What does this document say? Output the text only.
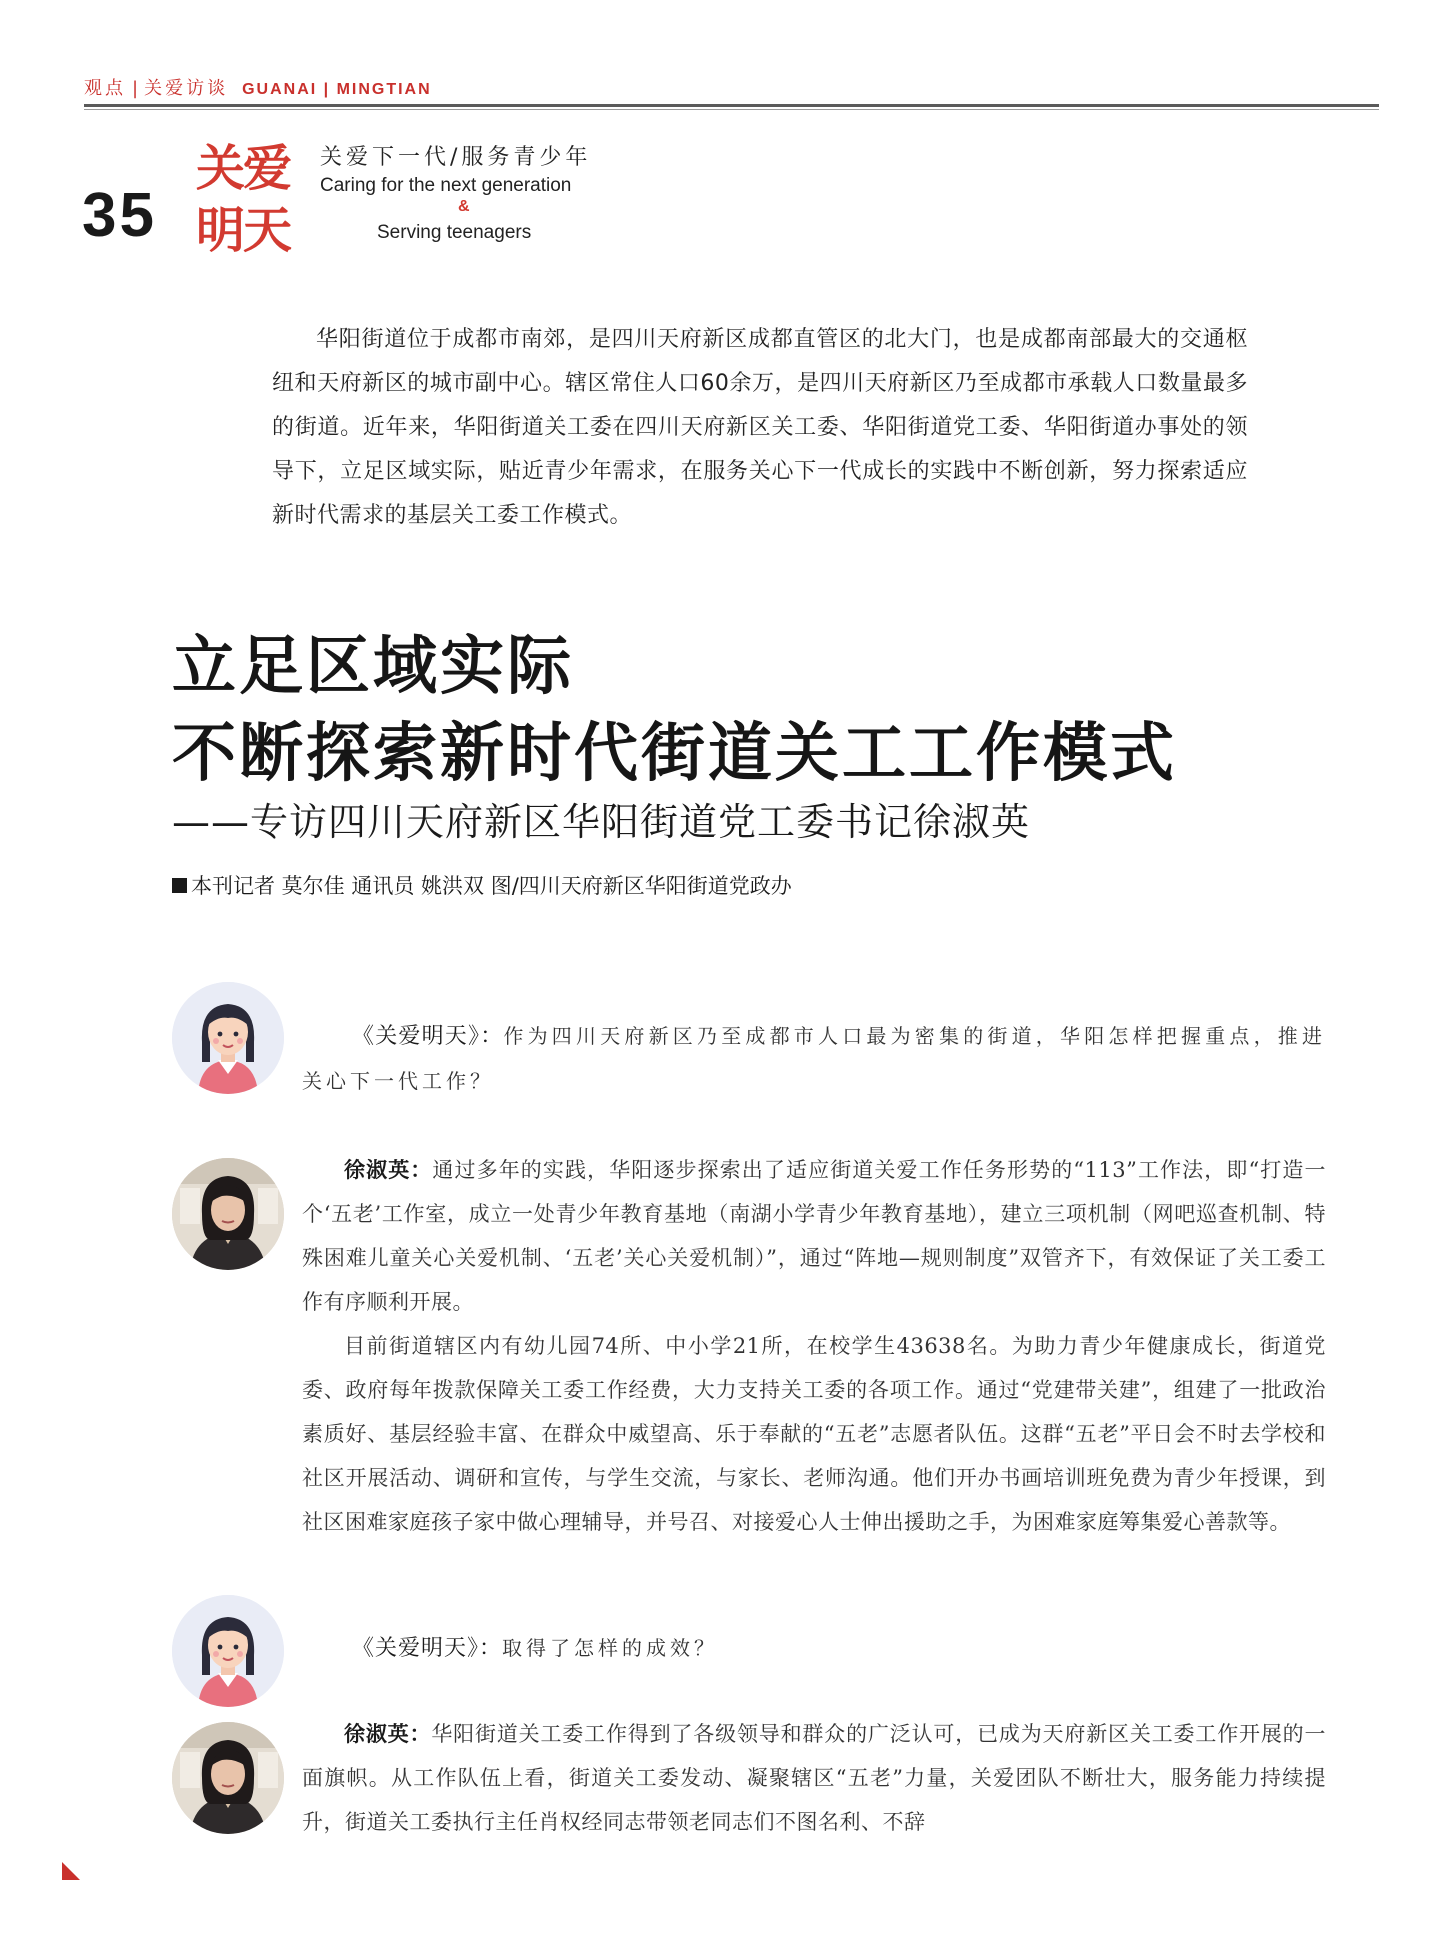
观点 | 关爱访谈 GUANAI | MINGTIAN
35
关爱
明天
关爱下一代/服务青少年
Caring for the next generation
&
Serving teenagers
华阳街道位于成都市南郊，是四川天府新区成都直管区的北大门，也是成都南部最大的交通枢纽和天府新区的城市副中心。辖区常住人口60余万，是四川天府新区乃至成都市承载人口数量最多的街道。近年来，华阳街道关工委在四川天府新区关工委、华阳街道党工委、华阳街道办事处的领导下，立足区域实际，贴近青少年需求，在服务关心下一代成长的实践中不断创新，努力探索适应新时代需求的基层关工委工作模式。
立足区域实际
不断探索新时代街道关工工作模式
——专访四川天府新区华阳街道党工委书记徐淑英
本刊记者 莫尔佳 通讯员 姚洪双 图/四川天府新区华阳街道党政办
《关爱明天》：作为四川天府新区乃至成都市人口最为密集的街道，华阳怎样把握重点，推进关心下一代工作？

徐淑英：通过多年的实践，华阳逐步探索出了适应街道关爱工作任务形势的“113”工作法，即“打造一个‘五老’工作室，成立一处青少年教育基地（南湖小学青少年教育基地），建立三项机制（网吧巡查机制、特殊困难儿童关心关爱机制、‘五老’关心关爱机制）”，通过“阵地—规则制度”双管齐下，有效保证了关工委工作有序顺利开展。

目前街道辖区内有幼儿园74所、中小学21所，在校学生43638名。为助力青少年健康成长，街道党委、政府每年拨款保障关工委工作经费，大力支持关工委的各项工作。通过“党建带关建”，组建了一批政治素质好、基层经验丰富、在群众中威望高、乐于奉献的“五老”志愿者队伍。这群“五老”平日会不时去学校和社区开展活动、调研和宣传，与学生交流，与家长、老师沟通。他们开办书画培训班免费为青少年授课，到社区困难家庭孩子家中做心理辅导，并号召、对接爱心人士伸出援助之手，为困难家庭筹集爱心善款等。

《关爱明天》：取得了怎样的成效？

徐淑英：华阳街道关工委工作得到了各级领导和群众的广泛认可，已成为天府新区关工委工作开展的一面旗帜。从工作队伍上看，街道关工委发动、凝聚辖区“五老”力量，关爱团队不断壮大，服务能力持续提升，街道关工委执行主任肖权经同志带领老同志们不图名利、不辞
